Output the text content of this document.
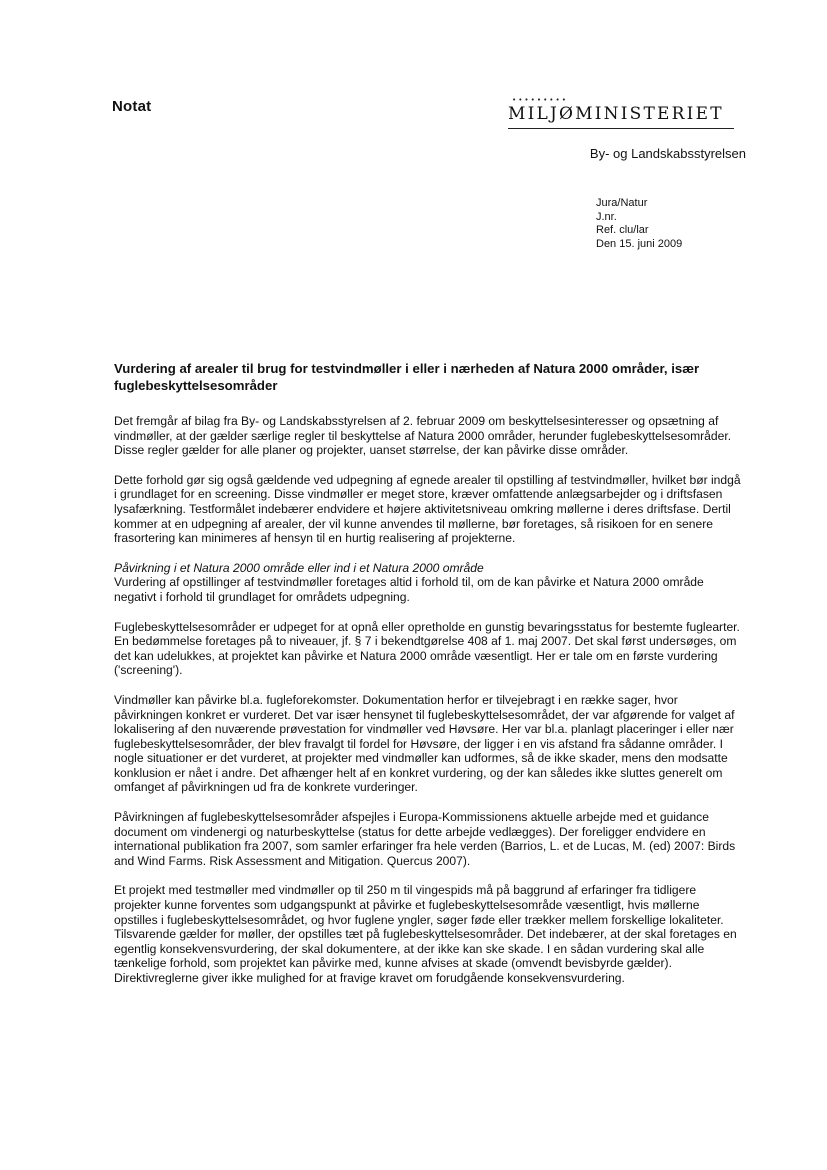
Notat	•••••••••
MILJØMINISTERIET
By- og Landskabsstyrelsen
Jura/Natur
J.nr.
Ref. clu/lar
Den 15. juni 2009
Vurdering af arealer til brug for testvindmøller i eller i nærheden af Natura 2000 områder, især fuglebeskyttelsesområder

Det fremgår af bilag fra By- og Landskabsstyrelsen af 2. februar 2009 om beskyttelsesinteresser og opsætning af vindmøller, at der gælder særlige regler til beskyttelse af Natura 2000 områder, herunder fuglebeskyttelsesområder. Disse regler gælder for alle planer og projekter, uanset størrelse, der kan påvirke disse områder.

Dette forhold gør sig også gældende ved udpegning af egnede arealer til opstilling af testvindmøller, hvilket bør indgå i grundlaget for en screening. Disse vindmøller er meget store, kræver omfattende anlægsarbejder og i driftsfasen lysafærkning. Testformålet indebærer endvidere et højere aktivitetsniveau omkring møllerne i deres driftsfase. Dertil kommer at en udpegning af arealer, der vil kunne anvendes til møllerne, bør foretages, så risikoen for en senere frasortering kan minimeres af hensyn til en hurtig realisering af projekterne.

Påvirkning i et Natura 2000 område eller ind i et Natura 2000 område

Vurdering af opstillinger af testvindmøller foretages altid i forhold til, om de kan påvirke et Natura 2000 område negativt i forhold til grundlaget for områdets udpegning.

Fuglebeskyttelsesområder er udpeget for at opnå eller opretholde en gunstig bevaringsstatus for bestemte fuglearter. En bedømmelse foretages på to niveauer, jf. § 7 i bekendtgørelse 408 af 1. maj 2007. Det skal først undersøges, om det kan udelukkes, at projektet kan påvirke et Natura 2000 område væsentligt. Her er tale om en første vurdering ('screening').

Vindmøller kan påvirke bl.a. fugleforekomster. Dokumentation herfor er tilvejebragt i en række sager, hvor påvirkningen konkret er vurderet. Det var især hensynet til fuglebeskyttelsesområdet, der var afgørende for valget af lokalisering af den nuværende prøvestation for vindmøller ved Høvsøre. Her var bl.a. planlagt placeringer i eller nær fuglebeskyttelsesområder, der blev fravalgt til fordel for Høvsøre, der ligger i en vis afstand fra sådanne områder. I nogle situationer er det vurderet, at projekter med vindmøller kan udformes, så de ikke skader, mens den modsatte konklusion er nået i andre. Det afhænger helt af en konkret vurdering, og der kan således ikke sluttes generelt om omfanget af påvirkningen ud fra de konkrete vurderinger.

Påvirkningen af fuglebeskyttelsesområder afspejles i Europa-Kommissionens aktuelle arbejde med et guidance document om vindenergi og naturbeskyttelse (status for dette arbejde vedlægges). Der foreligger endvidere en international publikation fra 2007, som samler erfaringer fra hele verden (Barrios, L. et de Lucas, M. (ed) 2007: Birds and Wind Farms. Risk Assessment and Mitigation. Quercus 2007).

Et projekt med testmøller med vindmøller op til 250 m til vingespids må på baggrund af erfaringer fra tidligere projekter kunne forventes som udgangspunkt at påvirke et fuglebeskyttelsesområde væsentligt, hvis møllerne opstilles i fuglebeskyttelsesområdet, og hvor fuglene yngler, søger føde eller trækker mellem forskellige lokaliteter. Tilsvarende gælder for møller, der opstilles tæt på fuglebeskyttelsesområder. Det indebærer, at der skal foretages en egentlig konsekvensvurdering, der skal dokumentere, at der ikke kan ske skade. I en sådan vurdering skal alle tænkelige forhold, som projektet kan påvirke med, kunne afvises at skade (omvendt bevisbyrde gælder). Direktivreglerne giver ikke mulighed for at fravige kravet om forudgående konsekvensvurdering.
